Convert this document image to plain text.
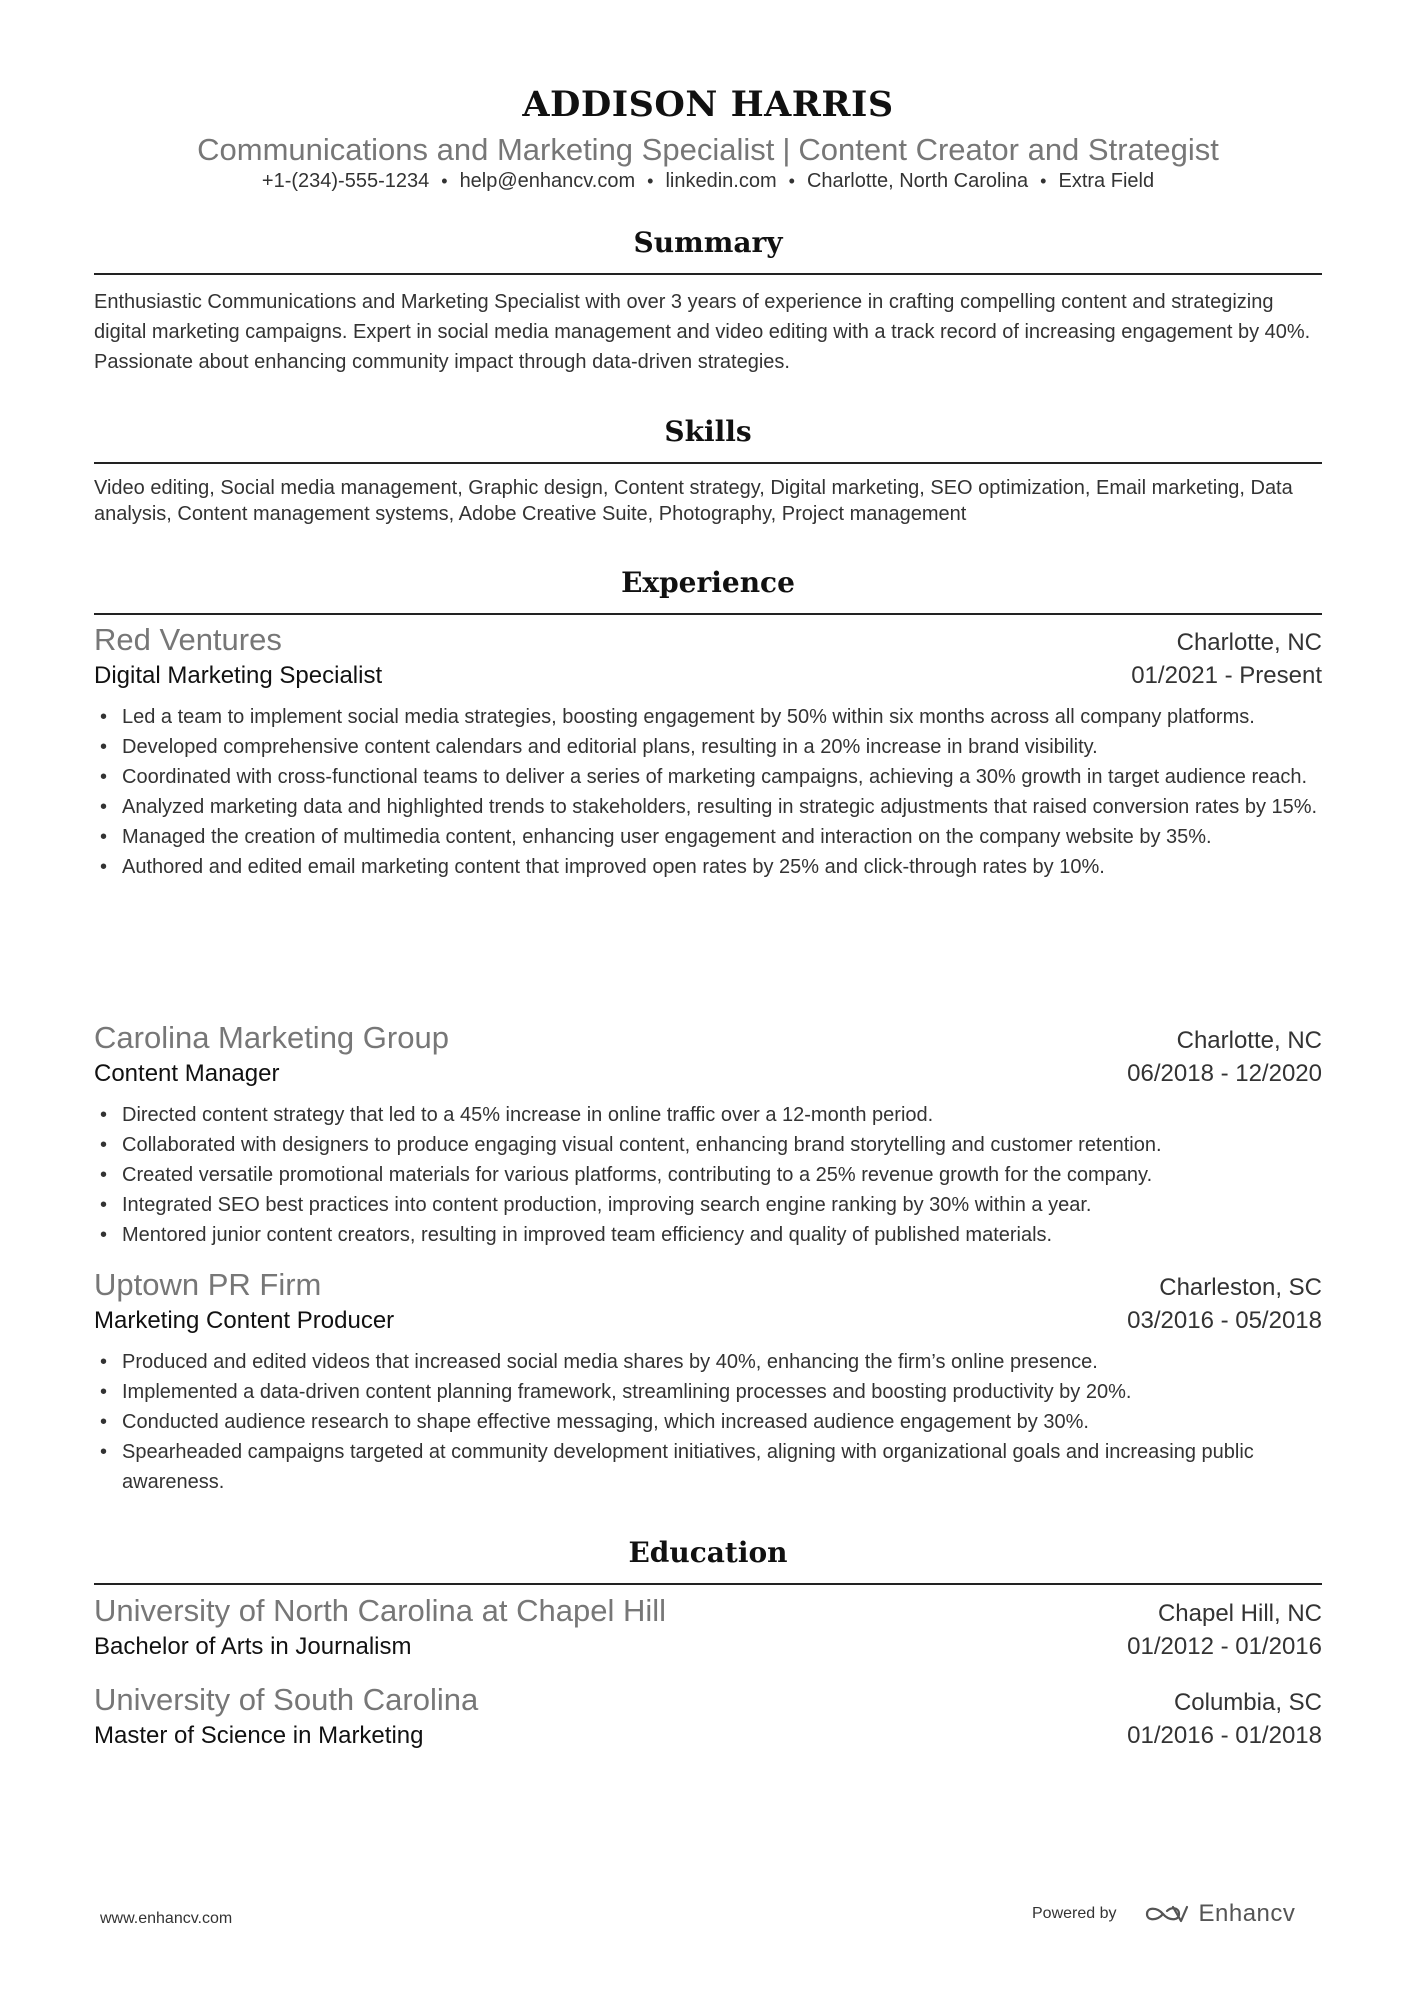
ADDISON HARRIS
Communications and Marketing Specialist | Content Creator and Strategist
+1-(234)-555-1234 • help@enhancv.com • linkedin.com • Charlotte, North Carolina • Extra Field
Summary
Enthusiastic Communications and Marketing Specialist with over 3 years of experience in crafting compelling content and strategizing digital marketing campaigns. Expert in social media management and video editing with a track record of increasing engagement by 40%. Passionate about enhancing community impact through data-driven strategies.
Skills
Video editing, Social media management, Graphic design, Content strategy, Digital marketing, SEO optimization, Email marketing, Data analysis, Content management systems, Adobe Creative Suite, Photography, Project management
Experience
Red Ventures	Charlotte, NC
Digital Marketing Specialist	01/2021 - Present
• Led a team to implement social media strategies, boosting engagement by 50% within six months across all company platforms.
• Developed comprehensive content calendars and editorial plans, resulting in a 20% increase in brand visibility.
• Coordinated with cross-functional teams to deliver a series of marketing campaigns, achieving a 30% growth in target audience reach.
• Analyzed marketing data and highlighted trends to stakeholders, resulting in strategic adjustments that raised conversion rates by 15%.
• Managed the creation of multimedia content, enhancing user engagement and interaction on the company website by 35%.
• Authored and edited email marketing content that improved open rates by 25% and click-through rates by 10%.
Carolina Marketing Group	Charlotte, NC
Content Manager	06/2018 - 12/2020
• Directed content strategy that led to a 45% increase in online traffic over a 12-month period.
• Collaborated with designers to produce engaging visual content, enhancing brand storytelling and customer retention.
• Created versatile promotional materials for various platforms, contributing to a 25% revenue growth for the company.
• Integrated SEO best practices into content production, improving search engine ranking by 30% within a year.
• Mentored junior content creators, resulting in improved team efficiency and quality of published materials.
Uptown PR Firm	Charleston, SC
Marketing Content Producer	03/2016 - 05/2018
• Produced and edited videos that increased social media shares by 40%, enhancing the firm’s online presence.
• Implemented a data-driven content planning framework, streamlining processes and boosting productivity by 20%.
• Conducted audience research to shape effective messaging, which increased audience engagement by 30%.
• Spearheaded campaigns targeted at community development initiatives, aligning with organizational goals and increasing public awareness.
Education
University of North Carolina at Chapel Hill	Chapel Hill, NC
Bachelor of Arts in Journalism	01/2012 - 01/2016
University of South Carolina	Columbia, SC
Master of Science in Marketing	01/2016 - 01/2018
www.enhancv.com	Powered by	Enhancv
